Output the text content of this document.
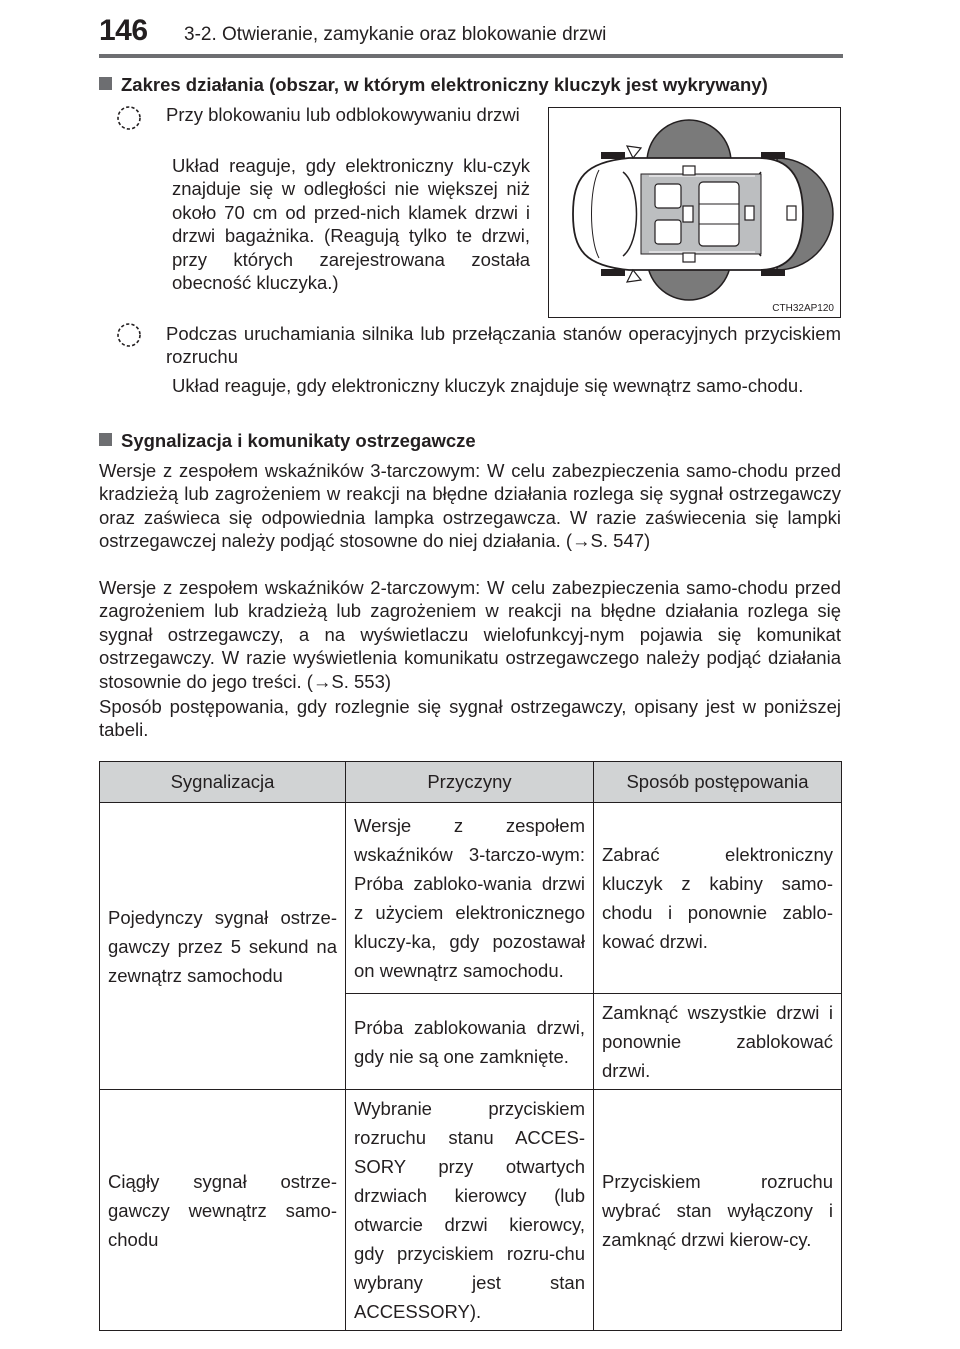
146 3-2. Otwieranie, zamykanie oraz blokowanie drzwi
Zakres działania (obszar, w którym elektroniczny kluczyk jest wykrywany)
Przy blokowaniu lub odblokowywaniu drzwi
Układ reaguje, gdy elektroniczny klu-czyk znajduje się w odległości nie większej niż około 70 cm od przed-nich klamek drzwi i drzwi bagażnika. (Reagują tylko te drzwi, przy których zarejestrowana została obecność kluczyka.)
CTH32AP120
Podczas uruchamiania silnika lub przełączania stanów operacyjnych przyciskiem rozruchu
Układ reaguje, gdy elektroniczny kluczyk znajduje się wewnątrz samo-chodu.
Sygnalizacja i komunikaty ostrzegawcze
Wersje z zespołem wskaźników 3-tarczowym: W celu zabezpieczenia samo-chodu przed kradzieżą lub zagrożeniem w reakcji na błędne działania rozlega się sygnał ostrzegawczy oraz zaświeca się odpowiednia lampka ostrzegawcza. W razie zaświecenia się lampki ostrzegawczej należy podjąć stosowne do niej działania. (→S. 547)
Wersje z zespołem wskaźników 2-tarczowym: W celu zabezpieczenia samo-chodu przed zagrożeniem lub kradzieżą lub zagrożeniem w reakcji na błędne działania rozlega się sygnał ostrzegawczy, a na wyświetlaczu wielofunkcyj-nym pojawia się komunikat ostrzegawczy. W razie wyświetlenia komunikatu ostrzegawczego należy podjąć działania stosownie do jego treści. (→S. 553)
Sposób postępowania, gdy rozlegnie się sygnał ostrzegawczy, opisany jest w poniższej tabeli.
Sygnalizacja	Przyczyny	Sposób postępowania
Pojedynczy sygnał ostrze-gawczy przez 5 sekund na zewnątrz samochodu	Wersje z zespołem wskaźników 3-tarczo-wym: Próba zabloko-wania drzwi z użyciem elektronicznego kluczy-ka, gdy pozostawał on wewnątrz samochodu.	Zabrać elektroniczny kluczyk z kabiny samo-chodu i ponownie zablo-kować drzwi.
	Próba zablokowania drzwi, gdy nie są one zamknięte.	Zamknąć wszystkie drzwi i ponownie zablokować drzwi.
Ciągły sygnał ostrze-gawczy wewnątrz samo-chodu	Wybranie przyciskiem rozruchu stanu ACCES-SORY przy otwartych drzwiach kierowcy (lub otwarcie drzwi kierowcy, gdy przyciskiem rozru-chu wybrany jest stan ACCESSORY).	Przyciskiem rozruchu wybrać stan wyłączony i zamknąć drzwi kierow-cy.
